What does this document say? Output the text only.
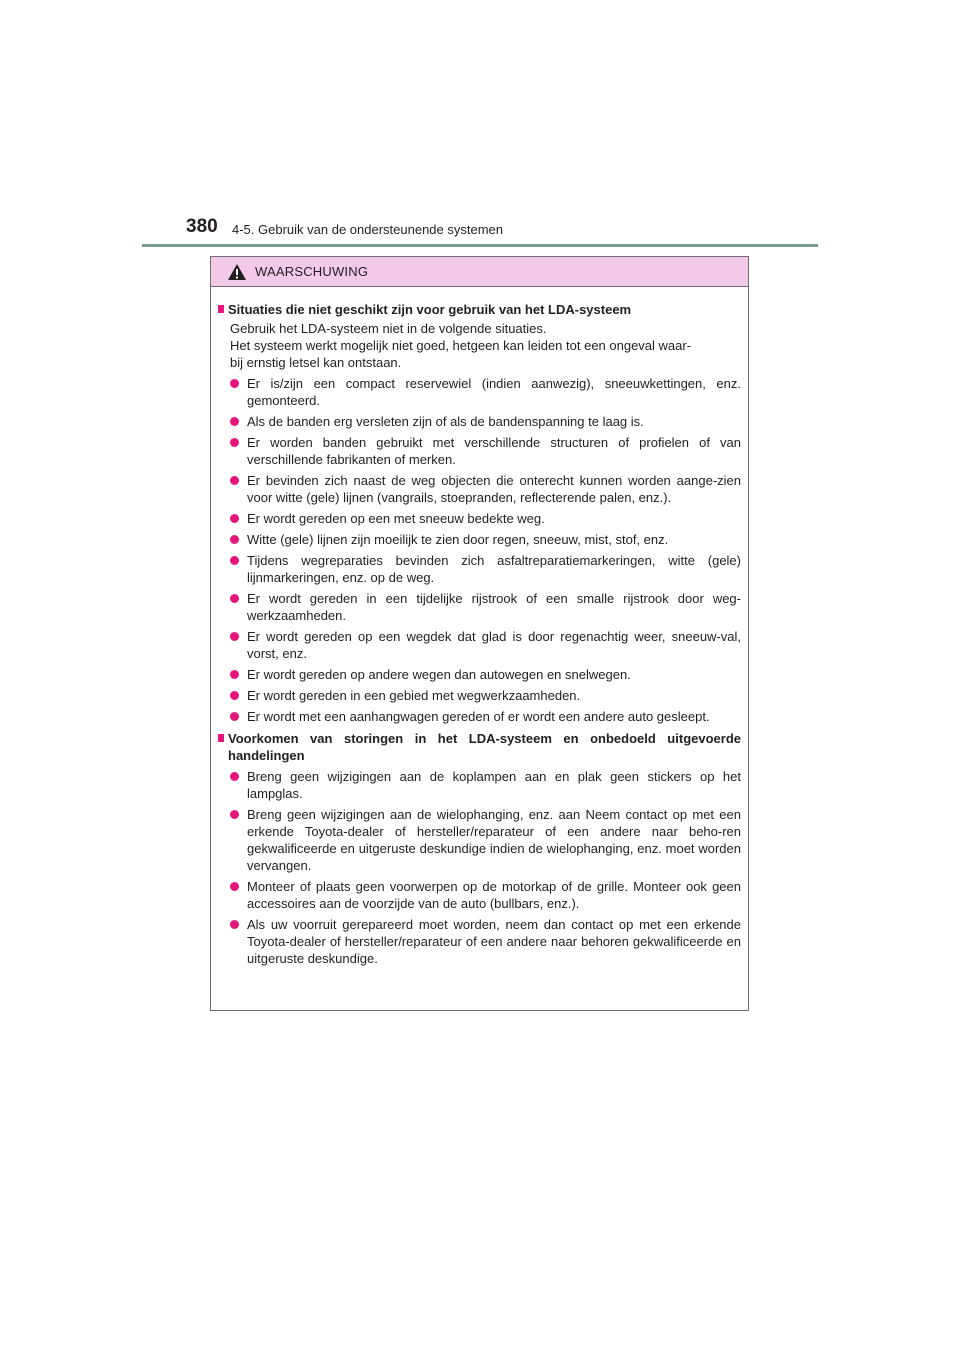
380 4-5. Gebruik van de ondersteunende systemen
WAARSCHUWING
Situaties die niet geschikt zijn voor gebruik van het LDA-systeem
Gebruik het LDA-systeem niet in de volgende situaties.
Het systeem werkt mogelijk niet goed, hetgeen kan leiden tot een ongeval waar-
bij ernstig letsel kan ontstaan.
Er is/zijn een compact reservewiel (indien aanwezig), sneeuwkettingen, enz. gemonteerd.
Als de banden erg versleten zijn of als de bandenspanning te laag is.
Er worden banden gebruikt met verschillende structuren of profielen of van verschillende fabrikanten of merken.
Er bevinden zich naast de weg objecten die onterecht kunnen worden aange-zien voor witte (gele) lijnen (vangrails, stoepranden, reflecterende palen, enz.).
Er wordt gereden op een met sneeuw bedekte weg.
Witte (gele) lijnen zijn moeilijk te zien door regen, sneeuw, mist, stof, enz.
Tijdens wegreparaties bevinden zich asfaltreparatiemarkeringen, witte (gele) lijnmarkeringen, enz. op de weg.
Er wordt gereden in een tijdelijke rijstrook of een smalle rijstrook door weg-werkzaamheden.
Er wordt gereden op een wegdek dat glad is door regenachtig weer, sneeuw-val, vorst, enz.
Er wordt gereden op andere wegen dan autowegen en snelwegen.
Er wordt gereden in een gebied met wegwerkzaamheden.
Er wordt met een aanhangwagen gereden of er wordt een andere auto gesleept.
Voorkomen van storingen in het LDA-systeem en onbedoeld uitgevoerde handelingen
Breng geen wijzigingen aan de koplampen aan en plak geen stickers op het lampglas.
Breng geen wijzigingen aan de wielophanging, enz. aan Neem contact op met een erkende Toyota-dealer of hersteller/reparateur of een andere naar beho-ren gekwalificeerde en uitgeruste deskundige indien de wielophanging, enz. moet worden vervangen.
Monteer of plaats geen voorwerpen op de motorkap of de grille. Monteer ook geen accessoires aan de voorzijde van de auto (bullbars, enz.).
Als uw voorruit gerepareerd moet worden, neem dan contact op met een erkende Toyota-dealer of hersteller/reparateur of een andere naar behoren gekwalificeerde en uitgeruste deskundige.
